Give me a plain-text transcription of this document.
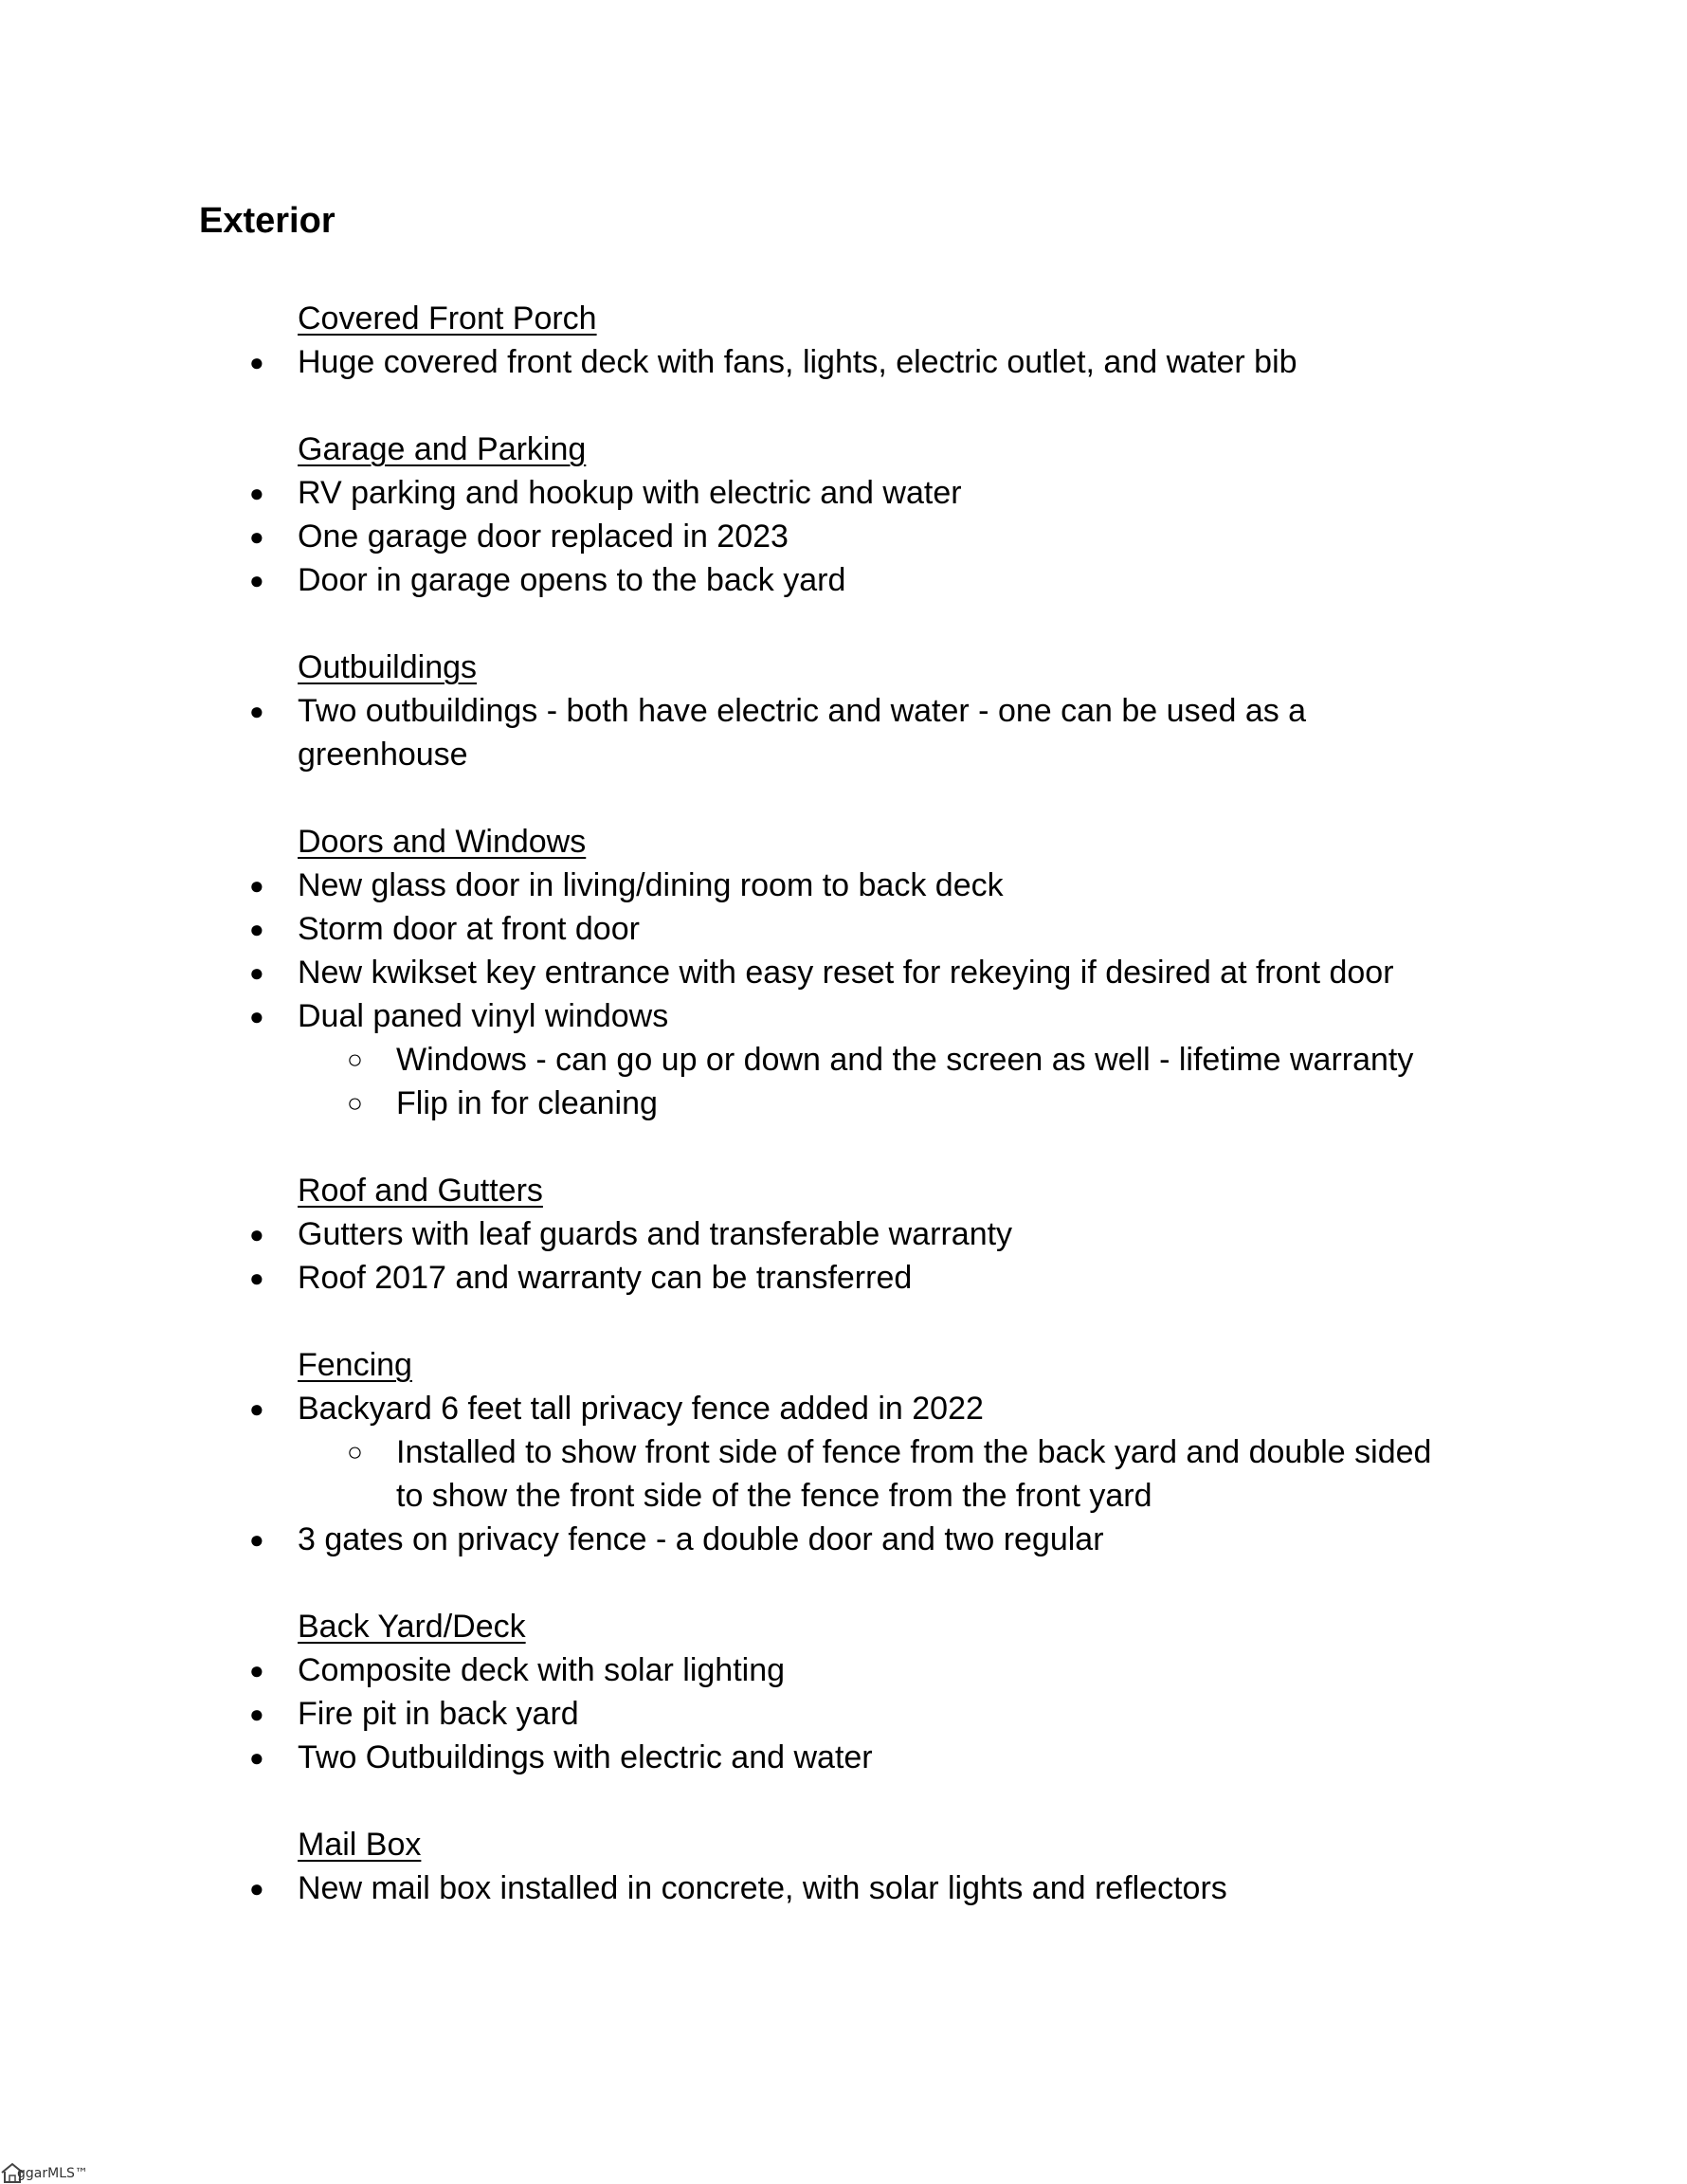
Exterior
Covered Front Porch
● Huge covered front deck with fans, lights, electric outlet, and water bib
Garage and Parking
● RV parking and hookup with electric and water
● One garage door replaced in 2023
● Door in garage opens to the back yard
Outbuildings
● Two outbuildings - both have electric and water - one can be used as a greenhouse
Doors and Windows
● New glass door in living/dining room to back deck
● Storm door at front door
● New kwikset key entrance with easy reset for rekeying if desired at front door
● Dual paned vinyl windows
○ Windows - can go up or down and the screen as well - lifetime warranty
○ Flip in for cleaning
Roof and Gutters
● Gutters with leaf guards and transferable warranty
● Roof 2017 and warranty can be transferred
Fencing
● Backyard 6 feet tall privacy fence added in 2022
○ Installed to show front side of fence from the back yard and double sided to show the front side of the fence from the front yard
● 3 gates on privacy fence - a double door and two regular
Back Yard/Deck
● Composite deck with solar lighting
● Fire pit in back yard
● Two Outbuildings with electric and water
Mail Box
● New mail box installed in concrete, with solar lights and reflectors
ggarMLS™
